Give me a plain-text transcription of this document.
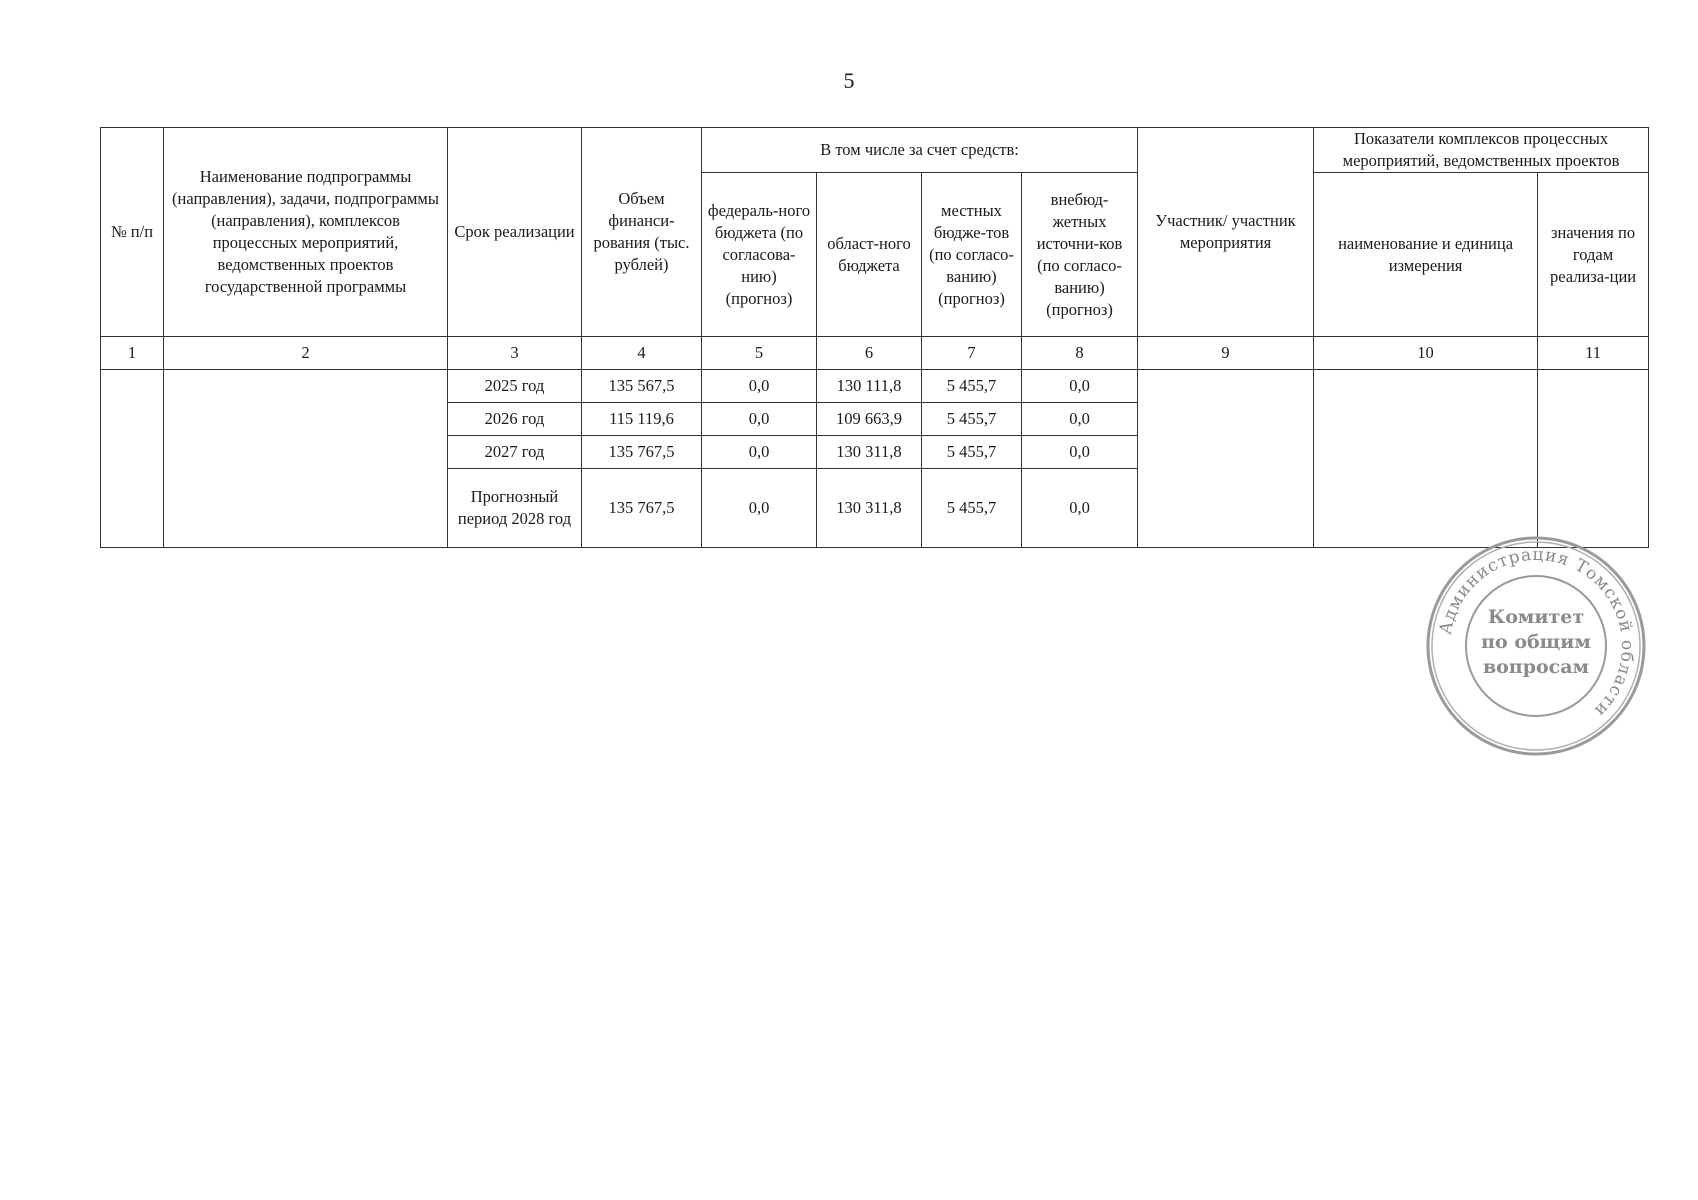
5
№ п/п	Наименование подпрограммы (направления), задачи, подпрограммы (направления), комплексов процессных мероприятий, ведомственных проектов государственной программы	Срок реализации	Объем финанси-рования (тыс. рублей)	В том числе за счет средств:				Участник/ участник мероприятия	Показатели комплексов процессных мероприятий, ведомственных проектов	
				федераль-ного бюджета (по согласова-нию) (прогноз)	област-ного бюджета	местных бюдже-тов (по согласо-ванию) (прогноз)	внебюд-жетных источни-ков (по согласо-ванию) (прогноз)		наименование и единица измерения	значения по годам реализа-ции
1	2	3	4	5	6	7	8	9	10	11
		2025 год	135 567,5	0,0	130 111,8	5 455,7	0,0			
		2026 год	115 119,6	0,0	109 663,9	5 455,7	0,0			
		2027 год	135 767,5	0,0	130 311,8	5 455,7	0,0			
		Прогнозный период 2028 год	135 767,5	0,0	130 311,8	5 455,7	0,0			
Администрация Томской области
Комитет
по общим
вопросам
